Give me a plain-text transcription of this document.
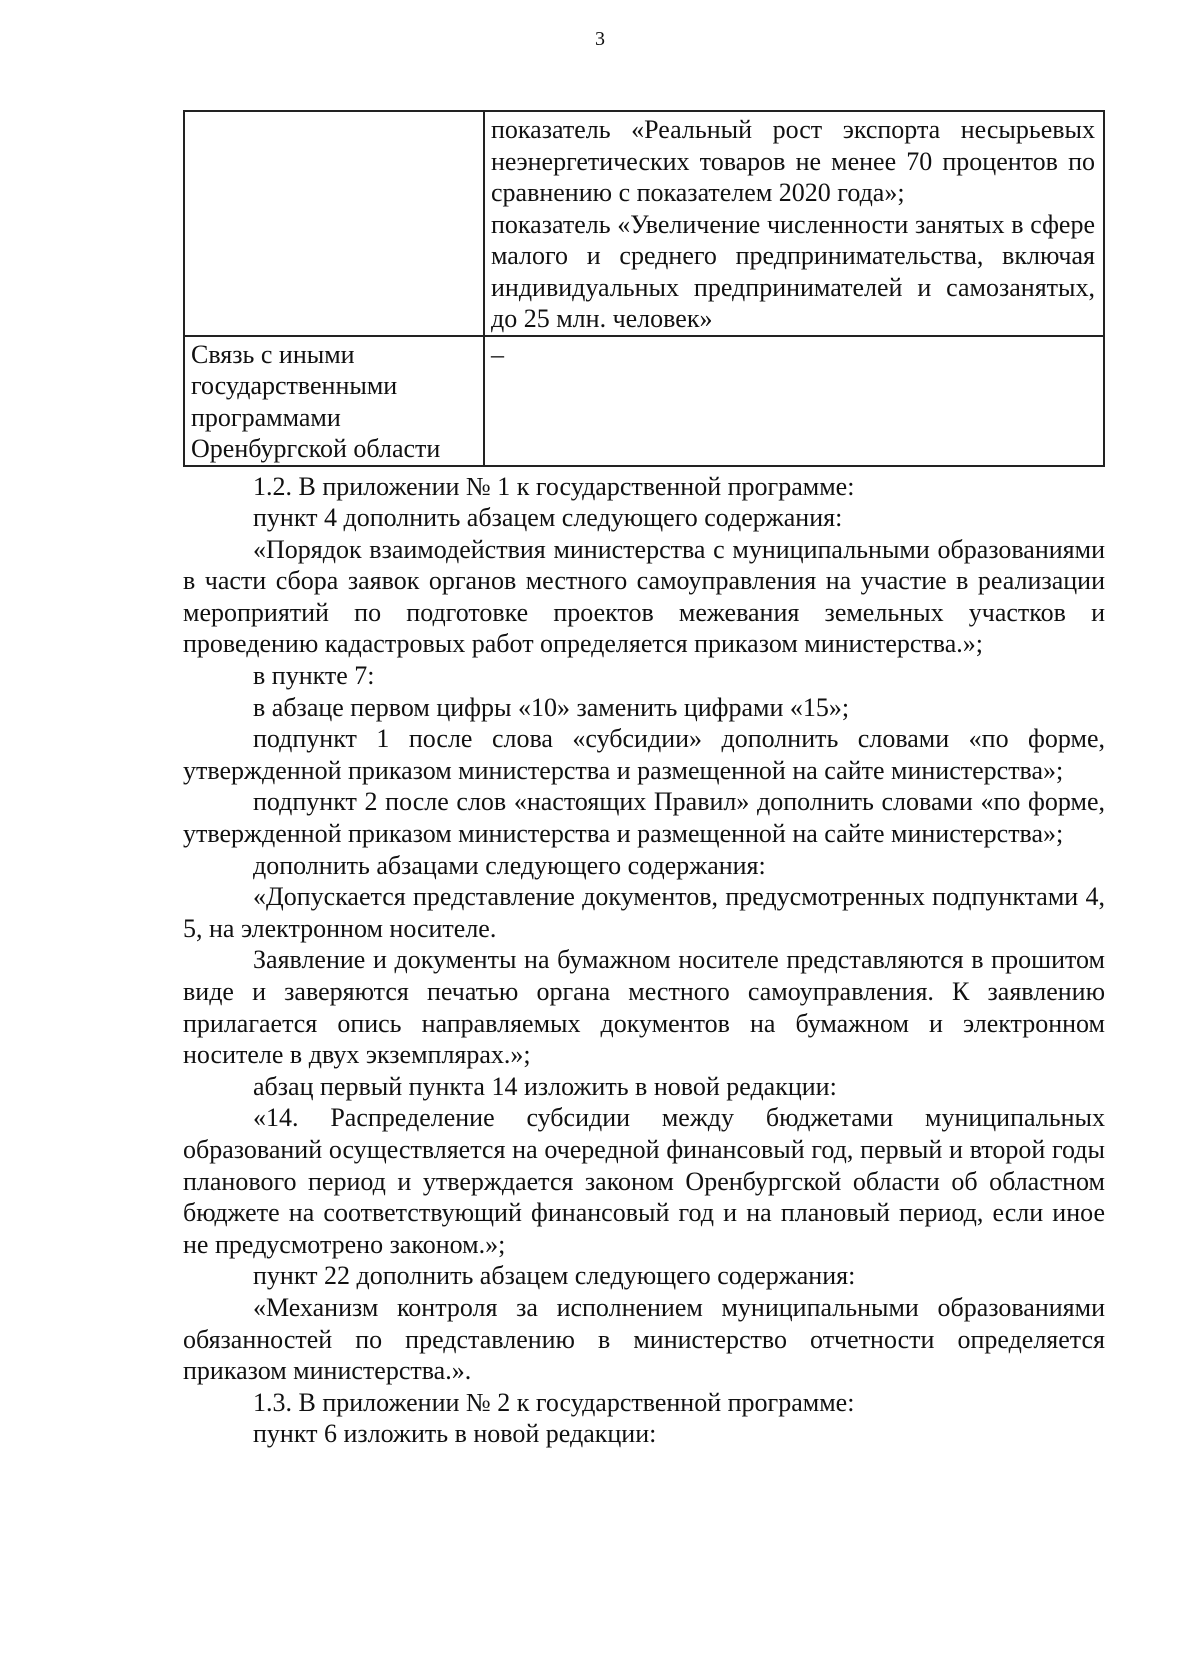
3

	показатель «Реальный рост экспорта несырьевых неэнергетических товаров не менее 70 процентов по сравнению с показателем 2020 года»;
показатель «Увеличение численности занятых в сфере малого и среднего предпринимательства, включая индивидуальных предпринимателей и самозанятых, до 25 млн. человек»

Связь с иными
государственными
программами
Оренбургской области	–

1.2. В приложении № 1 к государственной программе:

пункт 4 дополнить абзацем следующего содержания:

«Порядок взаимодействия министерства с муниципальными образованиями в части сбора заявок органов местного самоуправления на участие в реализации мероприятий по подготовке проектов межевания земельных участков и проведению кадастровых работ определяется приказом министерства.»;

в пункте 7:

в абзаце первом цифры «10» заменить цифрами «15»;

подпункт 1 после слова «субсидии» дополнить словами «по форме, утвержденной приказом министерства и размещенной на сайте министерства»;

подпункт 2 после слов «настоящих Правил» дополнить словами «по форме, утвержденной приказом министерства и размещенной на сайте министерства»;

дополнить абзацами следующего содержания:

«Допускается представление документов, предусмотренных подпунктами 4, 5, на электронном носителе.

Заявление и документы на бумажном носителе представляются в прошитом виде и заверяются печатью органа местного самоуправления. К заявлению прилагается опись направляемых документов на бумажном и электронном носителе в двух экземплярах.»;

абзац первый пункта 14 изложить в новой редакции:

«14. Распределение субсидии между бюджетами муниципальных образований осуществляется на очередной финансовый год, первый и второй годы планового период и утверждается законом Оренбургской области об областном бюджете на соответствующий финансовый год и на плановый период, если иное не предусмотрено законом.»;

пункт 22 дополнить абзацем следующего содержания:

«Механизм контроля за исполнением муниципальными образованиями обязанностей по представлению в министерство отчетности определяется приказом министерства.».

1.3. В приложении № 2 к государственной программе:

пункт 6 изложить в новой редакции:
